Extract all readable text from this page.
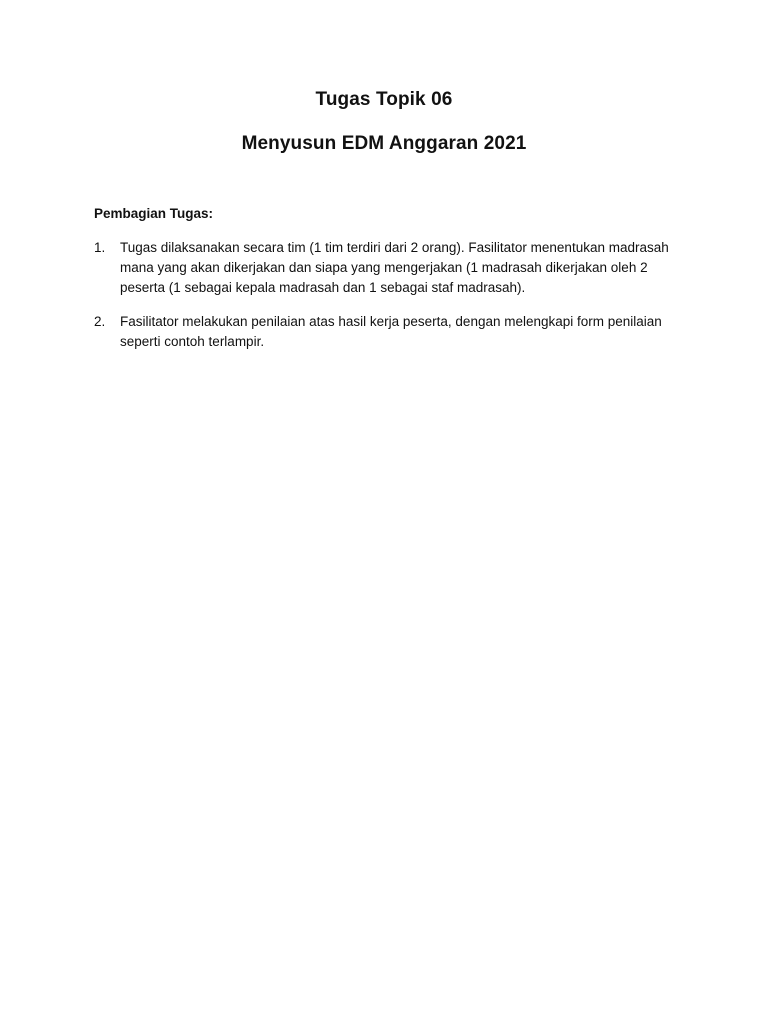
Tugas Topik 06
Menyusun EDM Anggaran 2021

Pembagian Tugas:

1. Tugas dilaksanakan secara tim (1 tim terdiri dari 2 orang). Fasilitator menentukan madrasah mana yang akan dikerjakan dan siapa yang mengerjakan (1 madrasah dikerjakan oleh 2 peserta (1 sebagai kepala madrasah dan 1 sebagai staf madrasah).
2. Fasilitator melakukan penilaian atas hasil kerja peserta, dengan melengkapi form penilaian seperti contoh terlampir.
